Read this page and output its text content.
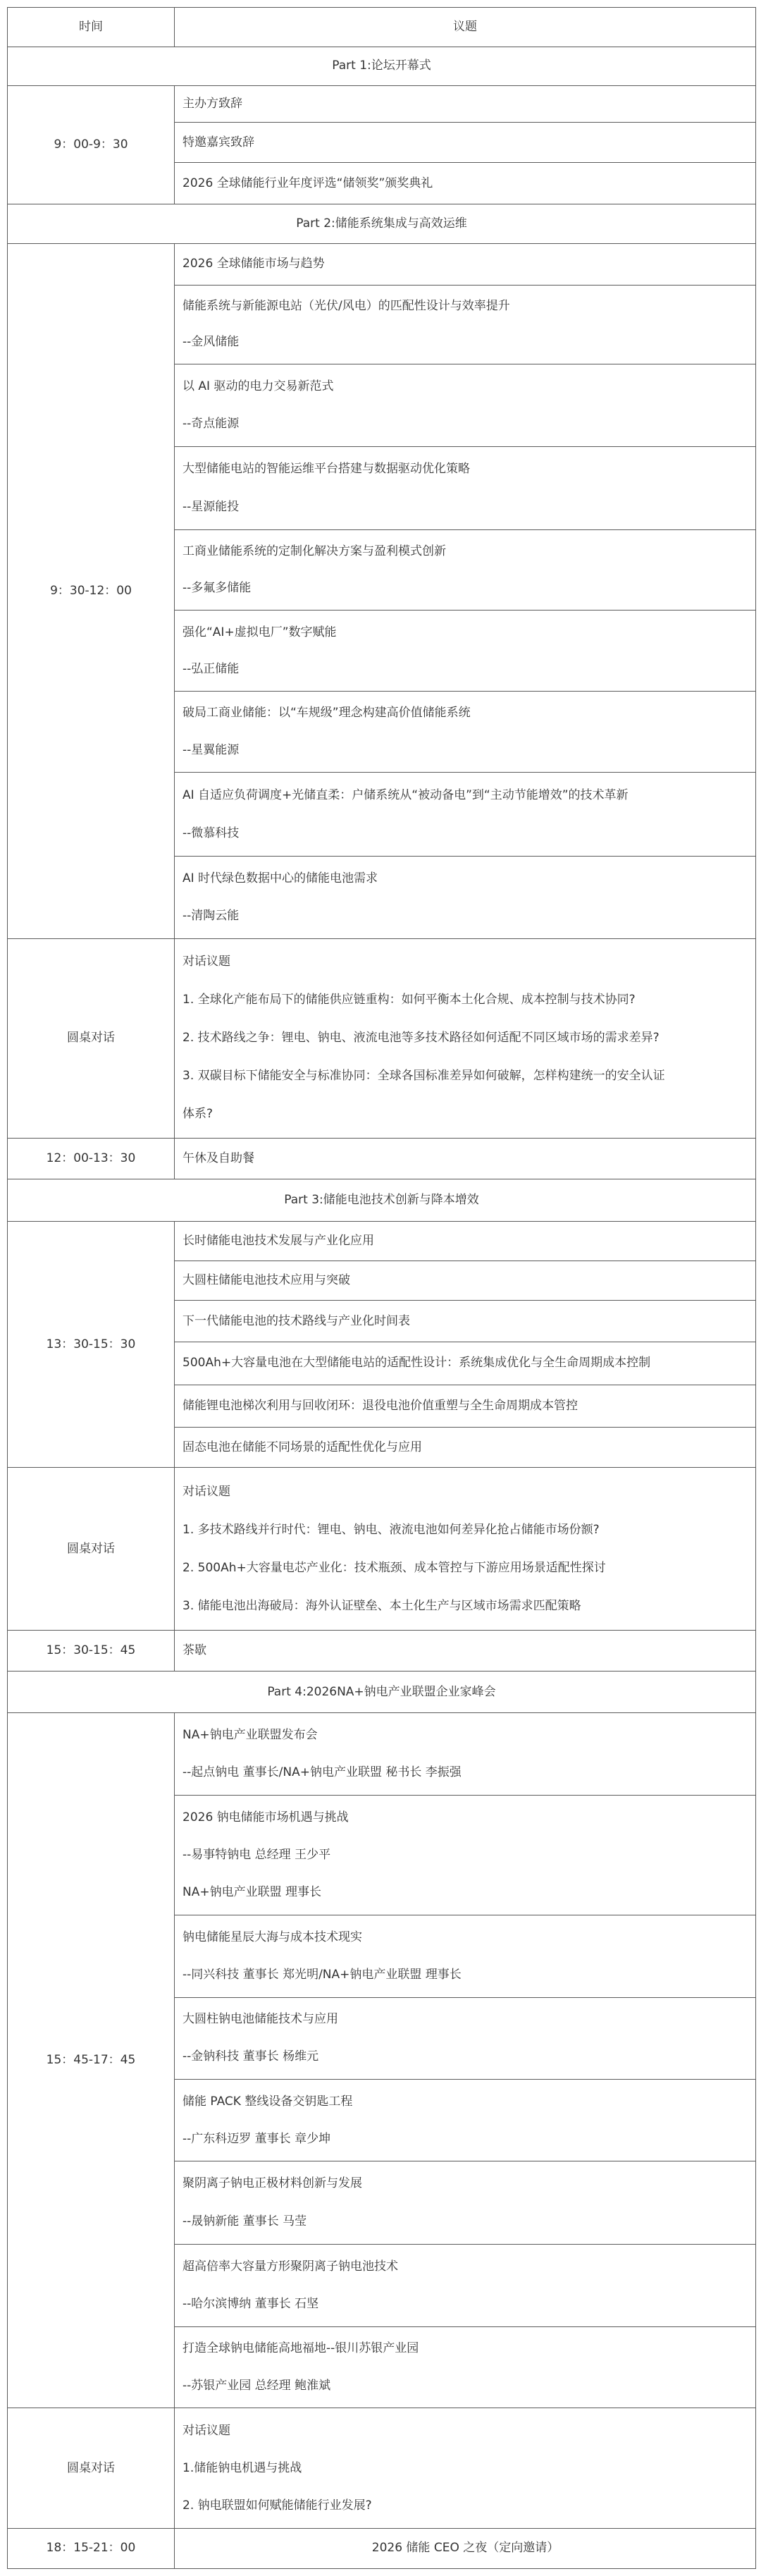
时间	议题
Part 1:论坛开幕式	
9：00-9：30	主办方致辞

特邀嘉宾致辞

2026 全球储能行业年度评选“储领奖”颁奖典礼

Part 2:储能系统集成与高效运维	
9：30-12：00	2026 全球储能市场与趋势

储能系统与新能源电站（光伏/风电）的匹配性设计与效率提升
--金风储能

以 AI 驱动的电力交易新范式
--奇点能源

大型储能电站的智能运维平台搭建与数据驱动优化策略
--星源能投

工商业储能系统的定制化解决方案与盈利模式创新
--多氟多储能

强化“AI+虚拟电厂”数字赋能
--弘正储能

破局工商业储能：以“车规级”理念构建高价值储能系统
--星翼能源

AI 自适应负荷调度+光储直柔：户储系统从“被动备电”到“主动节能增效”的技术革新
--微慕科技

AI 时代绿色数据中心的储能电池需求
--清陶云能

圆桌对话	对话议题
1. 全球化产能布局下的储能供应链重构：如何平衡本土化合规、成本控制与技术协同?
2. 技术路线之争：锂电、钠电、液流电池等多技术路径如何适配不同区域市场的需求差异?
3. 双碳目标下储能安全与标准协同：全球各国标准差异如何破解，怎样构建统一的安全认证
体系?

12：00-13：30	午休及自助餐

Part 3:储能电池技术创新与降本增效	
13：30-15：30	长时储能电池技术发展与产业化应用

大圆柱储能电池技术应用与突破

下一代储能电池的技术路线与产业化时间表

500Ah+大容量电池在大型储能电站的适配性设计：系统集成优化与全生命周期成本控制

储能锂电池梯次利用与回收闭环：退役电池价值重塑与全生命周期成本管控

固态电池在储能不同场景的适配性优化与应用

圆桌对话	对话议题
1. 多技术路线并行时代：锂电、钠电、液流电池如何差异化抢占储能市场份额?
2. 500Ah+大容量电芯产业化：技术瓶颈、成本管控与下游应用场景适配性探讨
3. 储能电池出海破局：海外认证壁垒、本土化生产与区域市场需求匹配策略

15：30-15：45	茶歇

Part 4:2026NA+钠电产业联盟企业家峰会	
15：45-17：45	NA+钠电产业联盟发布会
--起点钠电 董事长/NA+钠电产业联盟 秘书长 李振强

2026 钠电储能市场机遇与挑战
--易事特钠电 总经理 王少平
NA+钠电产业联盟 理事长

钠电储能星辰大海与成本技术现实
--同兴科技 董事长 郑光明/NA+钠电产业联盟 理事长

大圆柱钠电池储能技术与应用
--金钠科技 董事长 杨维元

储能 PACK 整线设备交钥匙工程
--广东科迈罗 董事长 章少坤

聚阴离子钠电正极材料创新与发展
--晟钠新能 董事长 马莹

超高倍率大容量方形聚阴离子钠电池技术
--哈尔滨博纳 董事长 石坚

打造全球钠电储能高地福地--银川苏银产业园
--苏银产业园 总经理 鲍淮斌

圆桌对话	对话议题
1.储能钠电机遇与挑战
2. 钠电联盟如何赋能储能行业发展?

18：15-21：00	2026 储能 CEO 之夜（定向邀请）
